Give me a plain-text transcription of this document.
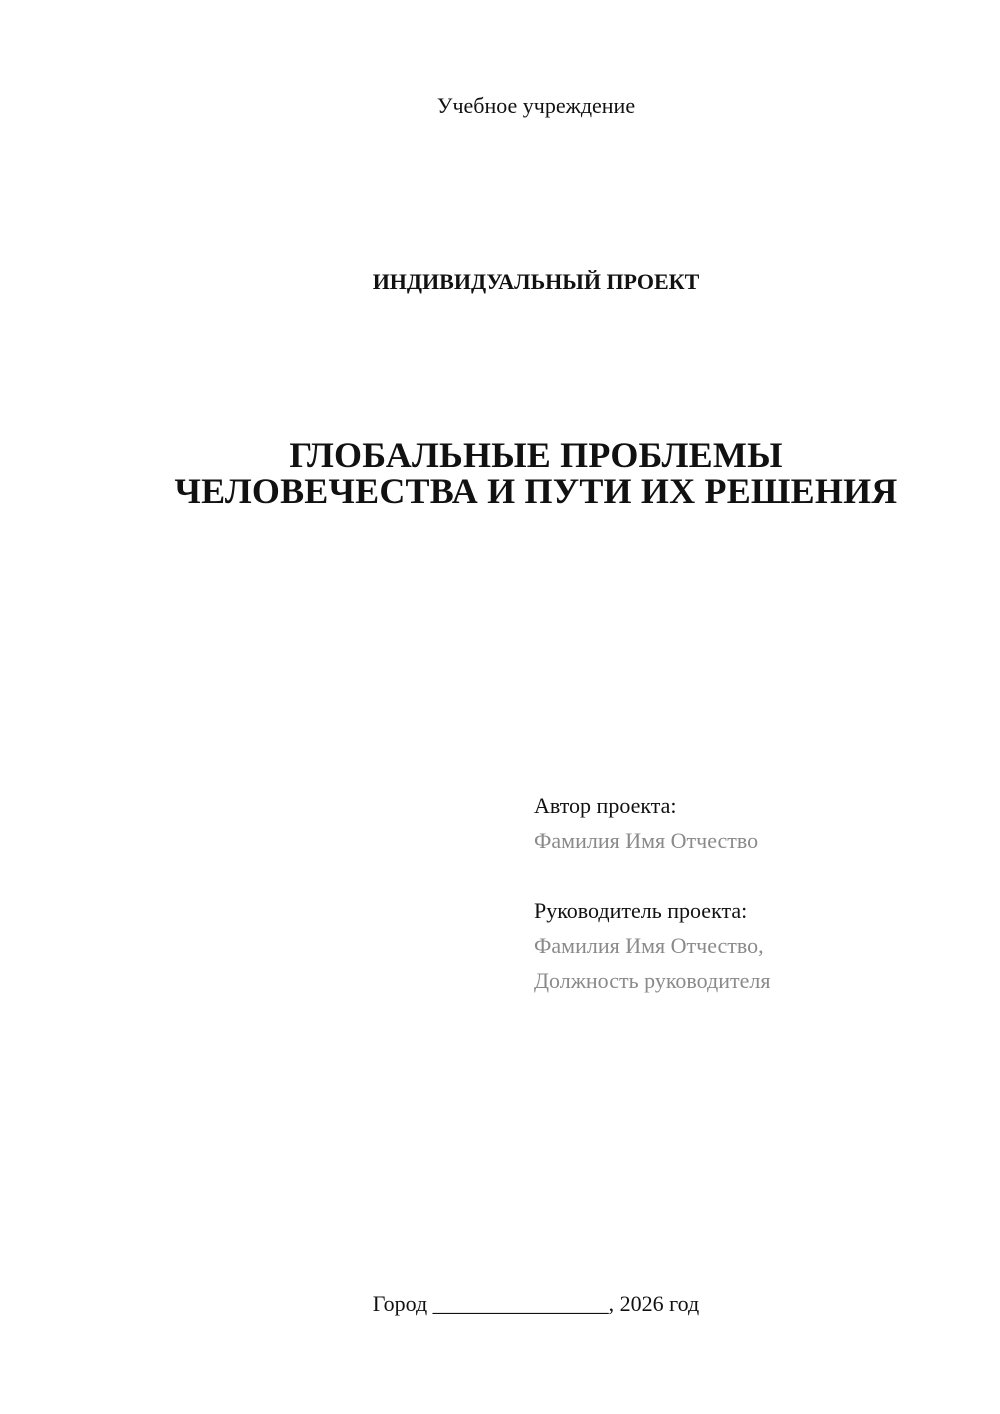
Учебное учреждение
ИНДИВИДУАЛЬНЫЙ ПРОЕКТ
ГЛОБАЛЬНЫЕ ПРОБЛЕМЫ
ЧЕЛОВЕЧЕСТВА И ПУТИ ИХ РЕШЕНИЯ
Автор проекта:
Фамилия Имя Отчество
Руководитель проекта:
Фамилия Имя Отчество,
Должность руководителя
Город ________________, 2026 год
